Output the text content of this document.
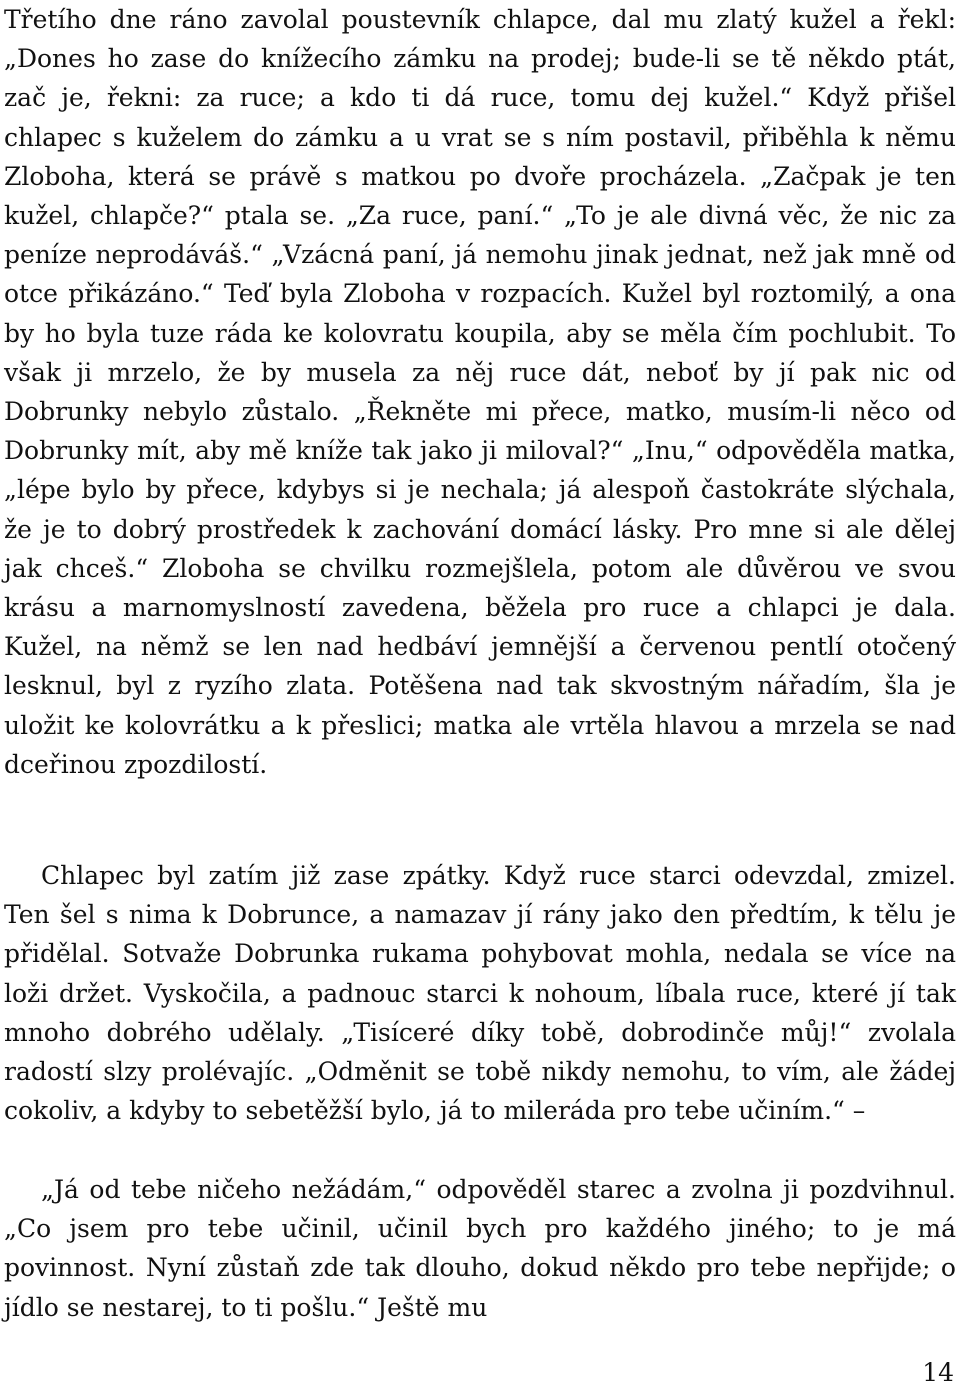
Třetího dne ráno zavolal poustevník chlapce, dal mu zlatý kužel a řekl: „Dones ho zase do knížecího zámku na prodej; bude-li se tě někdo ptát, zač je, řekni: za ruce; a kdo ti dá ruce, tomu dej kužel.“ Když přišel chlapec s kuželem do zámku a u vrat se s ním postavil, přiběhla k němu Zloboha, která se právě s matkou po dvoře procházela. „Začpak je ten kužel, chlapče?“ ptala se. „Za ruce, paní.“ „To je ale divná věc, že nic za peníze neprodáváš.“ „Vzácná paní, já nemohu jinak jednat, než jak mně od otce přikázáno.“ Teď byla Zloboha v rozpacích. Kužel byl roztomilý, a ona by ho byla tuze ráda ke kolovratu koupila, aby se měla čím pochlubit. To však ji mrzelo, že by musela za něj ruce dát, neboť by jí pak nic od Dobrunky nebylo zůstalo. „Řekněte mi přece, matko, musím-li něco od Dobrunky mít, aby mě kníže tak jako ji miloval?“ „Inu,“ odpověděla matka, „lépe bylo by přece, kdybys si je nechala; já alespoň častokráte slýchala, že je to dobrý prostředek k zachování domácí lásky. Pro mne si ale dělej jak chceš.“ Zloboha se chvilku rozmejšlela, potom ale důvěrou ve svou krásu a marnomyslností zavedena, běžela pro ruce a chlapci je dala. Kužel, na němž se len nad hedbáví jemnější a červenou pentlí otočený lesknul, byl z ryzího zlata. Potěšena nad tak skvostným nářadím, šla je uložit ke kolovrátku a k přeslici; matka ale vrtěla hlavou a mrzela se nad dceřinou zpozdilostí.

Chlapec byl zatím již zase zpátky. Když ruce starci odevzdal, zmizel. Ten šel s nima k Dobrunce, a namazav jí rány jako den předtím, k tělu je přidělal. Sotvaže Dobrunka rukama pohybovat mohla, nedala se více na loži držet. Vyskočila, a padnouc starci k nohoum, líbala ruce, které jí tak mnoho dobrého udělaly. „Tisíceré díky tobě, dobrodinče můj!“ zvolala radostí slzy prolévajíc. „Odměnit se tobě nikdy nemohu, to vím, ale žádej cokoliv, a kdyby to sebetěžší bylo, já to mileráda pro tebe učiním.“ –

„Já od tebe ničeho nežádám,“ odpověděl starec a zvolna ji pozdvihnul. „Co jsem pro tebe učinil, učinil bych pro každého jiného; to je má povinnost. Nyní zůstaň zde tak dlouho, dokud někdo pro tebe nepřijde; o jídlo se nestarej, to ti pošlu.“ Ještě mu

14
